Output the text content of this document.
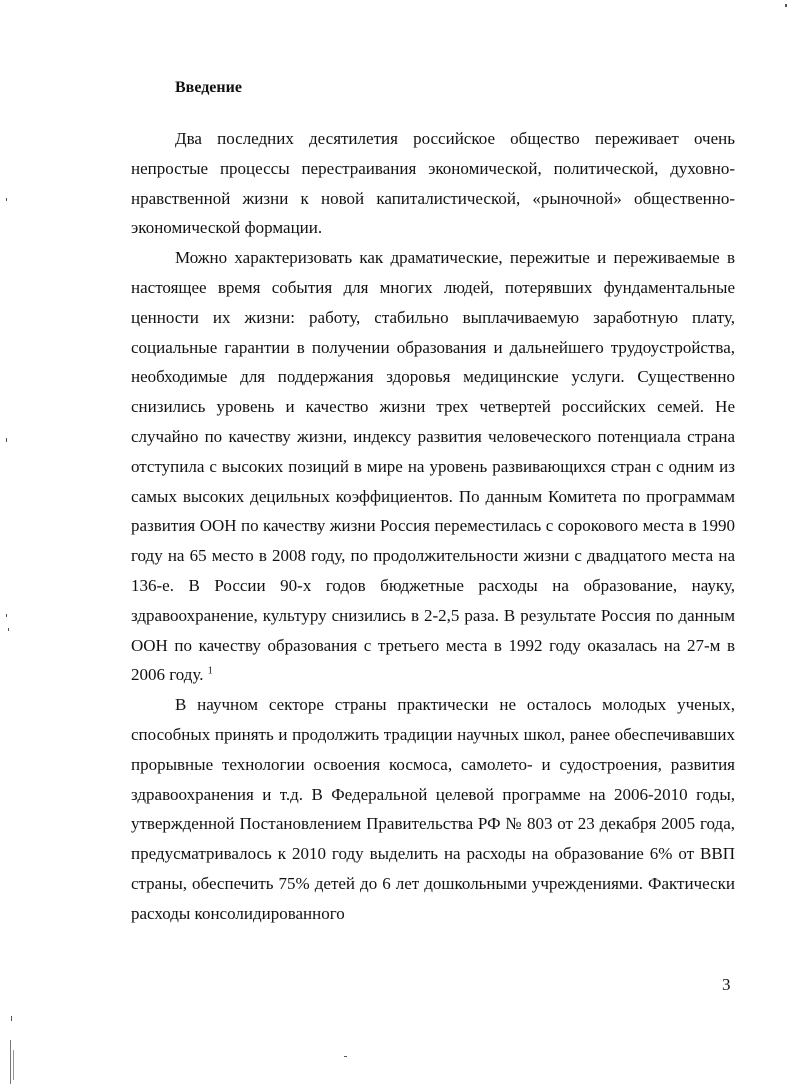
Введение

Два последних десятилетия российское общество переживает очень непростые процессы перестраивания экономической, политической, духовно-нравственной жизни к новой капиталистической, «рыночной» общественно-экономической формации.

Можно характеризовать как драматические, пережитые и переживаемые в настоящее время события для многих людей, потерявших фундаментальные ценности их жизни: работу, стабильно выплачиваемую заработную плату, социальные гарантии в получении образования и дальнейшего трудоустройства, необходимые для поддержания здоровья медицинские услуги. Существенно снизились уровень и качество жизни трех четвертей российских семей. Не случайно по качеству жизни, индексу развития человеческого потенциала страна отступила с высоких позиций в мире на уровень развивающихся стран с одним из самых высоких децильных коэффициентов. По данным Комитета по программам развития ООН по качеству жизни Россия переместилась с сорокового места в 1990 году на 65 место в 2008 году, по продолжительности жизни с двадцатого места на 136-е. В России 90-х годов бюджетные расходы на образование, науку, здравоохранение, культуру снизились в 2-2,5 раза. В результате Россия по данным ООН по качеству образования с третьего места в 1992 году оказалась на 27-м в 2006 году. $^1$

В научном секторе страны практически не осталось молодых ученых, способных принять и продолжить традиции научных школ, ранее обеспечивавших прорывные технологии освоения космоса, самолето- и судостроения, развития здравоохранения и т.д. В Федеральной целевой программе на 2006-2010 годы, утвержденной Постановлением Правительства РФ № 803 от 23 декабря 2005 года, предусматривалось к 2010 году выделить на расходы на образование 6% от ВВП страны, обеспечить 75% детей до 6 лет дошкольными учреждениями. Фактически расходы консолидированного

3
